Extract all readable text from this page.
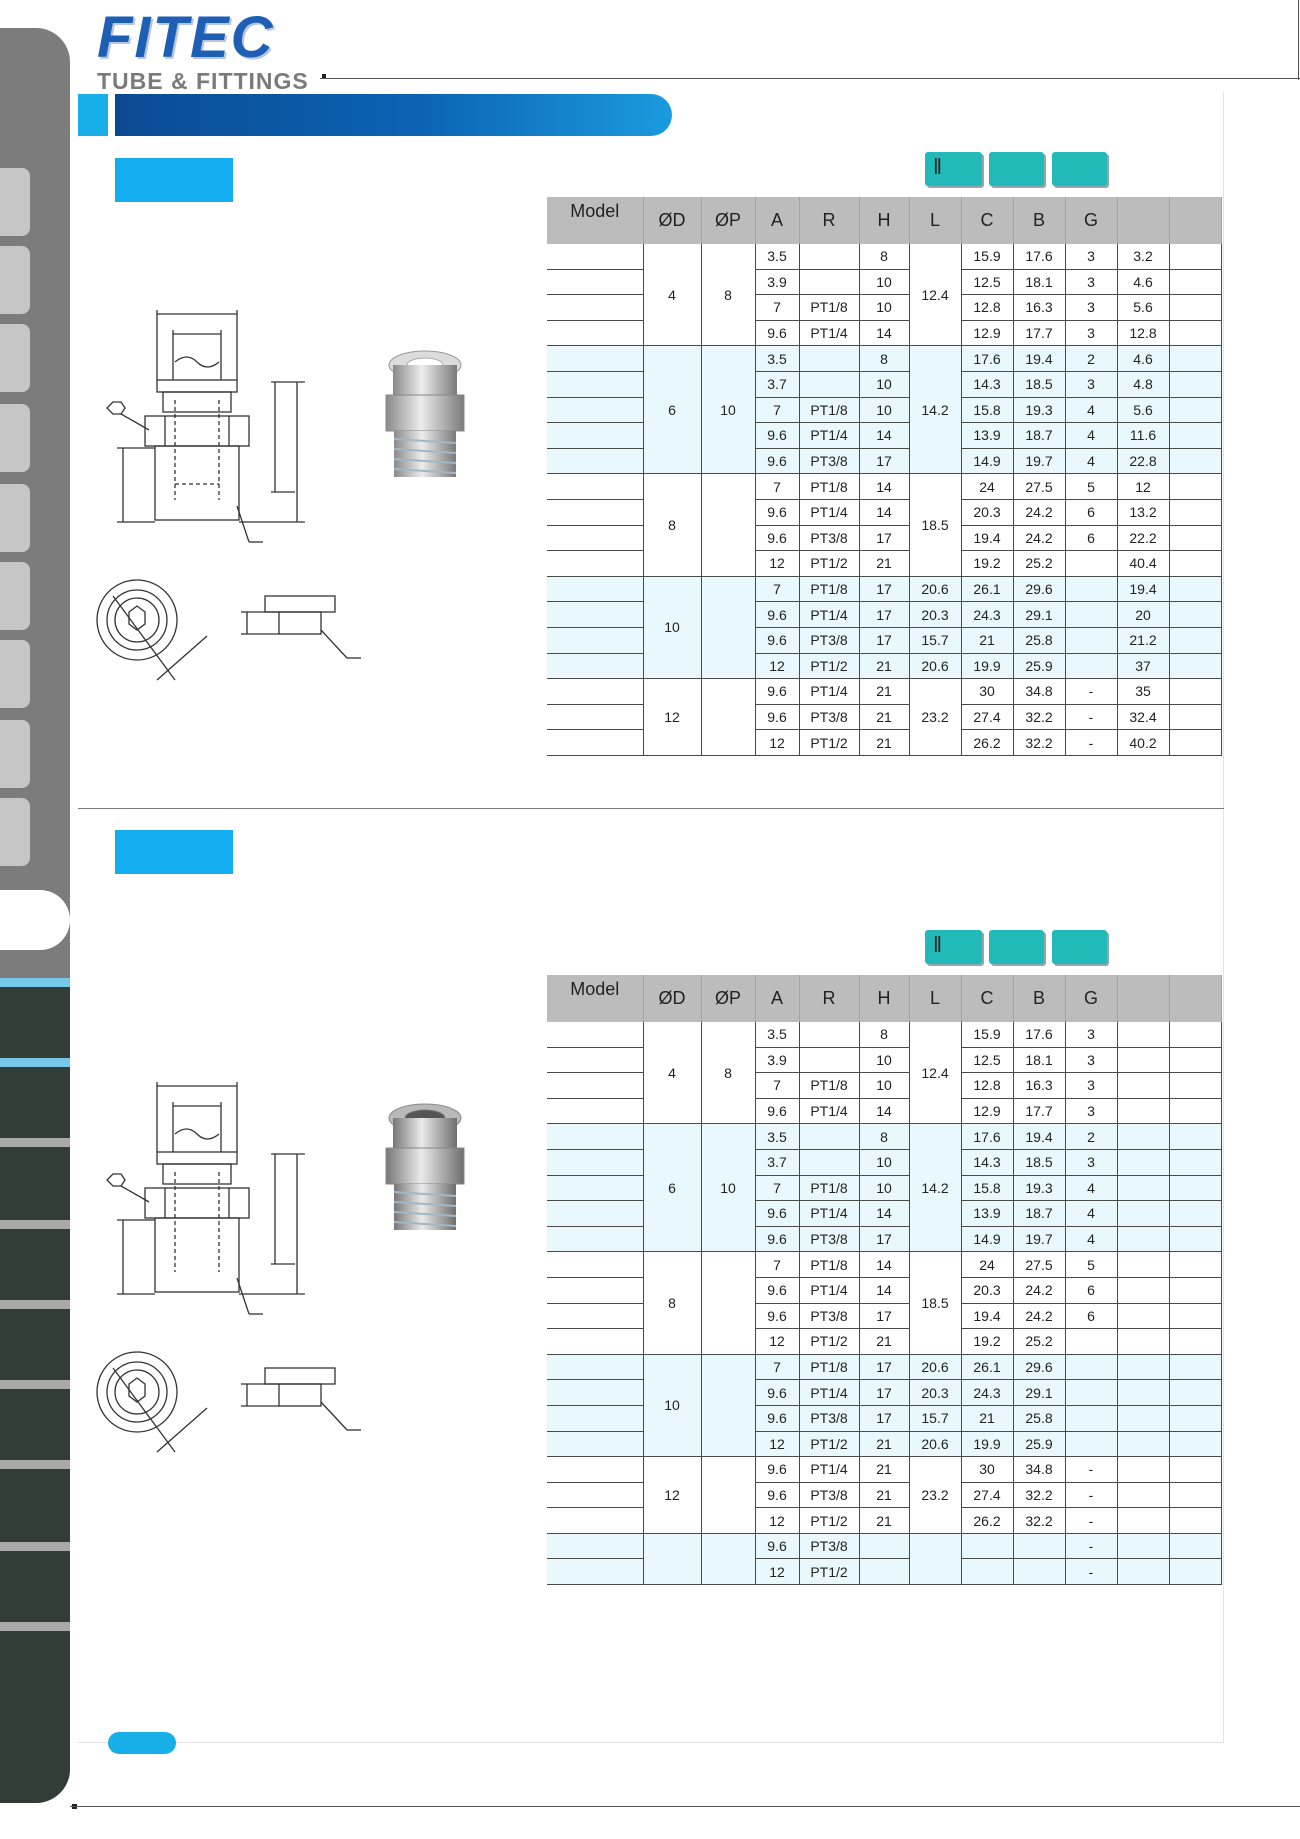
FITEC
TUBE & FITTINGS
‖
Model	ØD	ØP	A	R	H	L	C	B	G		
	4	8	3.5		8	12.4	15.9	17.6	3	3.2	
			3.9		10		12.5	18.1	3	4.6	
			7	PT1/8	10		12.8	16.3	3	5.6	
			9.6	PT1/4	14		12.9	17.7	3	12.8	
	6	10	3.5		8	14.2	17.6	19.4	2	4.6	
			3.7		10		14.3	18.5	3	4.8	
			7	PT1/8	10		15.8	19.3	4	5.6	
			9.6	PT1/4	14		13.9	18.7	4	11.6	
			9.6	PT3/8	17		14.9	19.7	4	22.8	
	8		7	PT1/8	14	18.5	24	27.5	5	12	
			9.6	PT1/4	14		20.3	24.2	6	13.2	
			9.6	PT3/8	17		19.4	24.2	6	22.2	
			12	PT1/2	21		19.2	25.2		40.4	
	10		7	PT1/8	17	20.6	26.1	29.6		19.4	
			9.6	PT1/4	17	20.3	24.3	29.1		20	
			9.6	PT3/8	17	15.7	21	25.8		21.2	
			12	PT1/2	21	20.6	19.9	25.9		37	
	12		9.6	PT1/4	21	23.2	30	34.8	-	35	
			9.6	PT3/8	21		27.4	32.2	-	32.4	
			12	PT1/2	21		26.2	32.2	-	40.2	
‖
Model	ØD	ØP	A	R	H	L	C	B	G		
	4	8	3.5		8	12.4	15.9	17.6	3		
			3.9		10		12.5	18.1	3		
			7	PT1/8	10		12.8	16.3	3		
			9.6	PT1/4	14		12.9	17.7	3		
	6	10	3.5		8	14.2	17.6	19.4	2		
			3.7		10		14.3	18.5	3		
			7	PT1/8	10		15.8	19.3	4		
			9.6	PT1/4	14		13.9	18.7	4		
			9.6	PT3/8	17		14.9	19.7	4		
	8		7	PT1/8	14	18.5	24	27.5	5		
			9.6	PT1/4	14		20.3	24.2	6		
			9.6	PT3/8	17		19.4	24.2	6		
			12	PT1/2	21		19.2	25.2			
	10		7	PT1/8	17	20.6	26.1	29.6			
			9.6	PT1/4	17	20.3	24.3	29.1			
			9.6	PT3/8	17	15.7	21	25.8			
			12	PT1/2	21	20.6	19.9	25.9			
	12		9.6	PT1/4	21	23.2	30	34.8	-		
			9.6	PT3/8	21		27.4	32.2	-		
			12	PT1/2	21		26.2	32.2	-		
			9.6	PT3/8					-		
			12	PT1/2					-		
